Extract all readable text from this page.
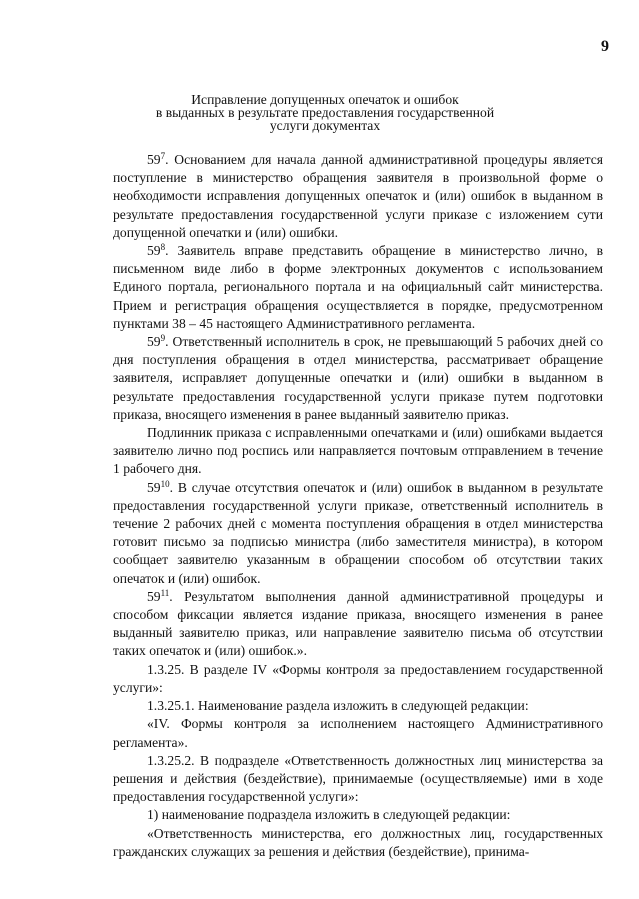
9
Исправление допущенных опечаток и ошибок
в выданных в результате предоставления государственной
услуги документах

$59^7$. Основанием для начала данной административной процедуры является поступление в министерство обращения заявителя в произвольной форме о необходимости исправления допущенных опечаток и (или) ошибок в выданном в результате предоставления государственной услуги приказе с изложением сути допущенной опечатки и (или) ошибки.

$59^8$. Заявитель вправе представить обращение в министерство лично, в письменном виде либо в форме электронных документов с использованием Единого портала, регионального портала и на официальный сайт министерства. Прием и регистрация обращения осуществляется в порядке, предусмотренном пунктами 38 – 45 настоящего Административного регламента.

$59^9$. Ответственный исполнитель в срок, не превышающий 5 рабочих дней со дня поступления обращения в отдел министерства, рассматривает обращение заявителя, исправляет допущенные опечатки и (или) ошибки в выданном в результате предоставления государственной услуги приказе путем подготовки приказа, вносящего изменения в ранее выданный заявителю приказ.

Подлинник приказа с исправленными опечатками и (или) ошибками выдается заявителю лично под роспись или направляется почтовым отправлением в течение 1 рабочего дня.

$59^{10}$. В случае отсутствия опечаток и (или) ошибок в выданном в результате предоставления государственной услуги приказе, ответственный исполнитель в течение 2 рабочих дней с момента поступления обращения в отдел министерства готовит письмо за подписью министра (либо заместителя министра), в котором сообщает заявителю указанным в обращении способом об отсутствии таких опечаток и (или) ошибок.

$59^{11}$. Результатом выполнения данной административной процедуры и способом фиксации является издание приказа, вносящего изменения в ранее выданный заявителю приказ, или направление заявителю письма об отсутствии таких опечаток и (или) ошибок.».

1.3.25. В разделе IV «Формы контроля за предоставлением государственной услуги»:

1.3.25.1. Наименование раздела изложить в следующей редакции:

«IV. Формы контроля за исполнением настоящего Административного регламента».

1.3.25.2. В подразделе «Ответственность должностных лиц министерства за решения и действия (бездействие), принимаемые (осуществляемые) ими в ходе предоставления государственной услуги»:

1) наименование подраздела изложить в следующей редакции:

«Ответственность министерства, его должностных лиц, государственных гражданских служащих за решения и действия (бездействие), принима-
